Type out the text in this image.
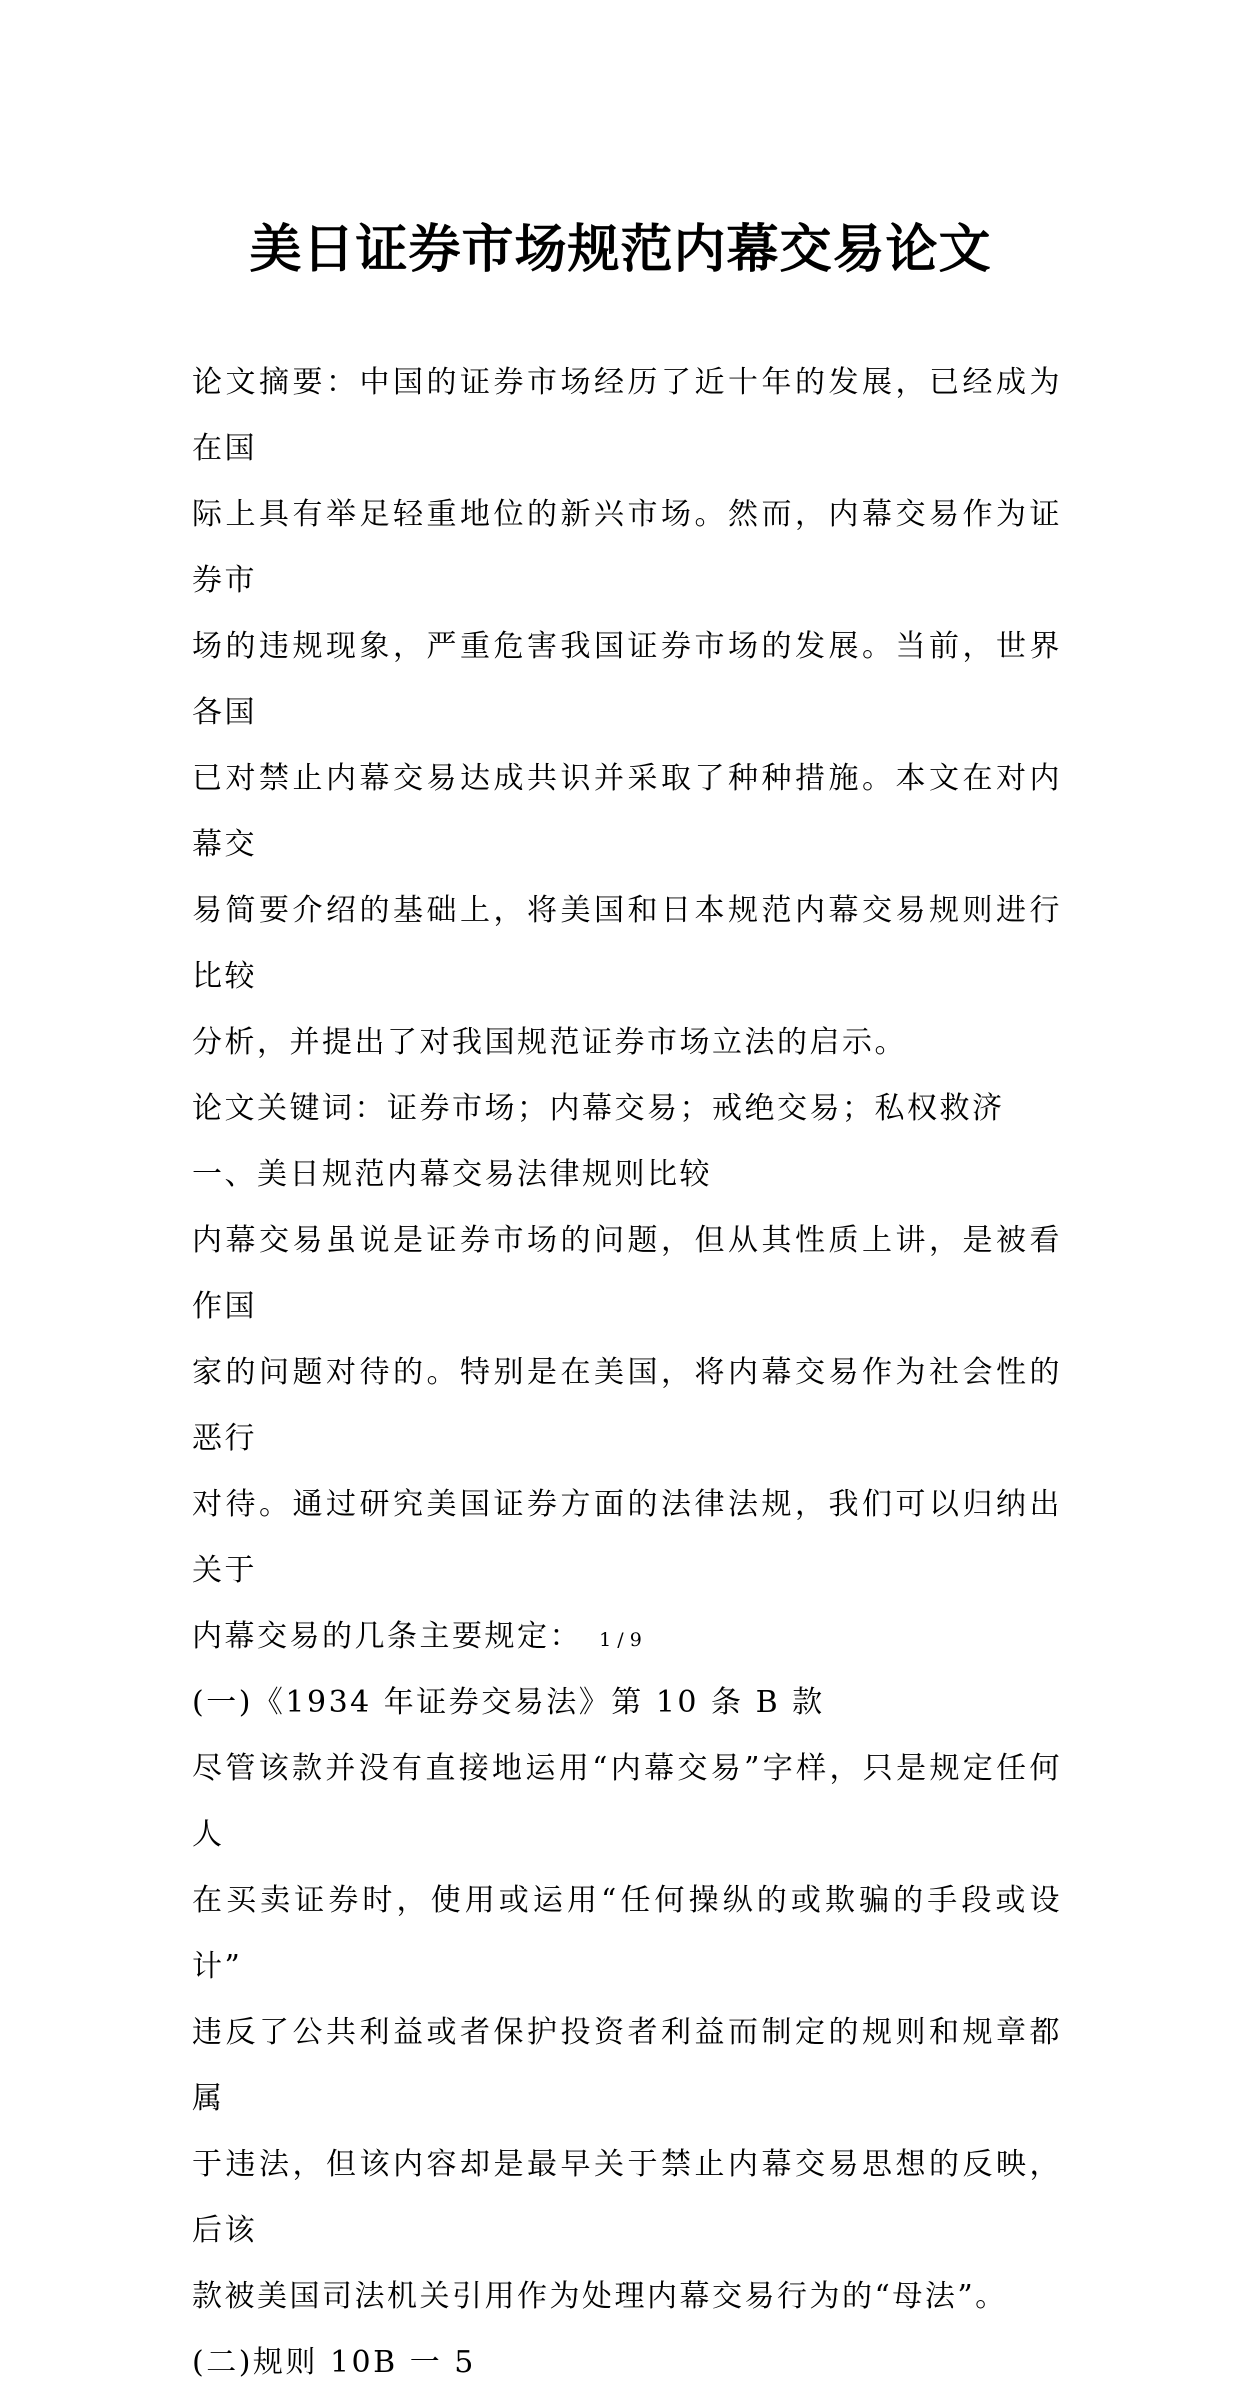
美日证券市场规范内幕交易论文

论文摘要：中国的证券市场经历了近十年的发展，已经成为在国

际上具有举足轻重地位的新兴市场。然而，内幕交易作为证券市

场的违规现象，严重危害我国证券市场的发展。当前，世界各国

已对禁止内幕交易达成共识并采取了种种措施。本文在对内幕交

易简要介绍的基础上，将美国和日本规范内幕交易规则进行比较

分析，并提出了对我国规范证券市场立法的启示。

论文关键词：证券市场；内幕交易；戒绝交易；私权救济

一、美日规范内幕交易法律规则比较

内幕交易虽说是证券市场的问题，但从其性质上讲，是被看作国

家的问题对待的。特别是在美国，将内幕交易作为社会性的恶行

对待。通过研究美国证券方面的法律法规，我们可以归纳出关于

内幕交易的几条主要规定：

(一)《1934 年证券交易法》第 10 条 B 款

尽管该款并没有直接地运用“内幕交易”字样，只是规定任何人

在买卖证券时，使用或运用“任何操纵的或欺骗的手段或设计”

违反了公共利益或者保护投资者利益而制定的规则和规章都属

于违法，但该内容却是最早关于禁止内幕交易思想的反映，后该

款被美国司法机关引用作为处理内幕交易行为的“母法”。

(二)规则 10B 一 5

1 / 9
